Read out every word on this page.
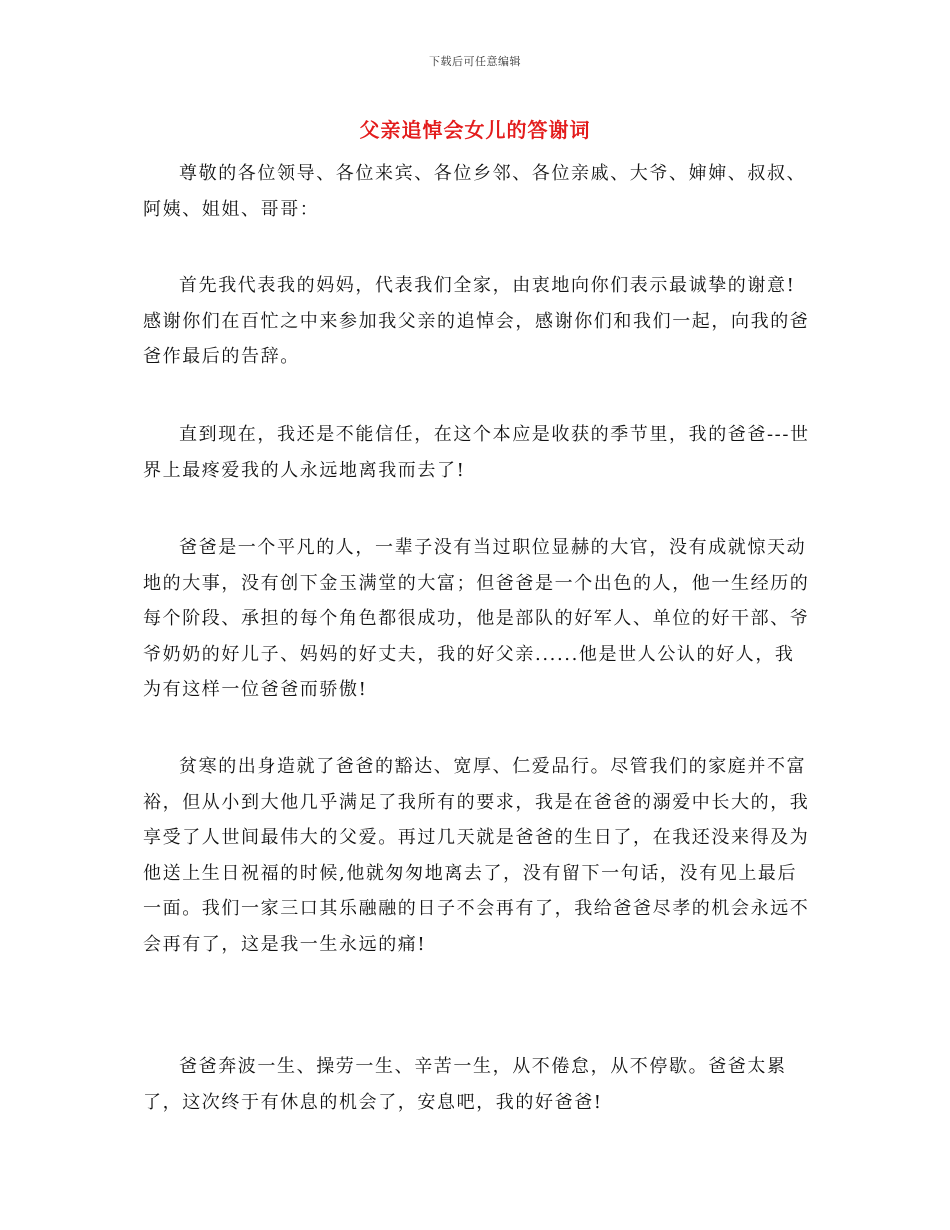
下载后可任意编辑
父亲追悼会女儿的答谢词

尊敬的各位领导、各位来宾、各位乡邻、各位亲戚、大爷、婶婶、叔叔、阿姨、姐姐、哥哥：

首先我代表我的妈妈，代表我们全家，由衷地向你们表示最诚挚的谢意!感谢你们在百忙之中来参加我父亲的追悼会，感谢你们和我们一起，向我的爸爸作最后的告辞。

直到现在，我还是不能信任，在这个本应是收获的季节里，我的爸爸---世界上最疼爱我的人永远地离我而去了!

爸爸是一个平凡的人，一辈子没有当过职位显赫的大官，没有成就惊天动地的大事，没有创下金玉满堂的大富；但爸爸是一个出色的人，他一生经历的每个阶段、承担的每个角色都很成功，他是部队的好军人、单位的好干部、爷爷奶奶的好儿子、妈妈的好丈夫，我的好父亲......他是世人公认的好人，我为有这样一位爸爸而骄傲!

贫寒的出身造就了爸爸的豁达、宽厚、仁爱品行。尽管我们的家庭并不富裕，但从小到大他几乎满足了我所有的要求，我是在爸爸的溺爱中长大的，我享受了人世间最伟大的父爱。再过几天就是爸爸的生日了，在我还没来得及为他送上生日祝福的时候,他就匆匆地离去了，没有留下一句话，没有见上最后一面。我们一家三口其乐融融的日子不会再有了，我给爸爸尽孝的机会永远不会再有了，这是我一生永远的痛!

爸爸奔波一生、操劳一生、辛苦一生，从不倦怠，从不停歇。爸爸太累了，这次终于有休息的机会了，安息吧，我的好爸爸!
